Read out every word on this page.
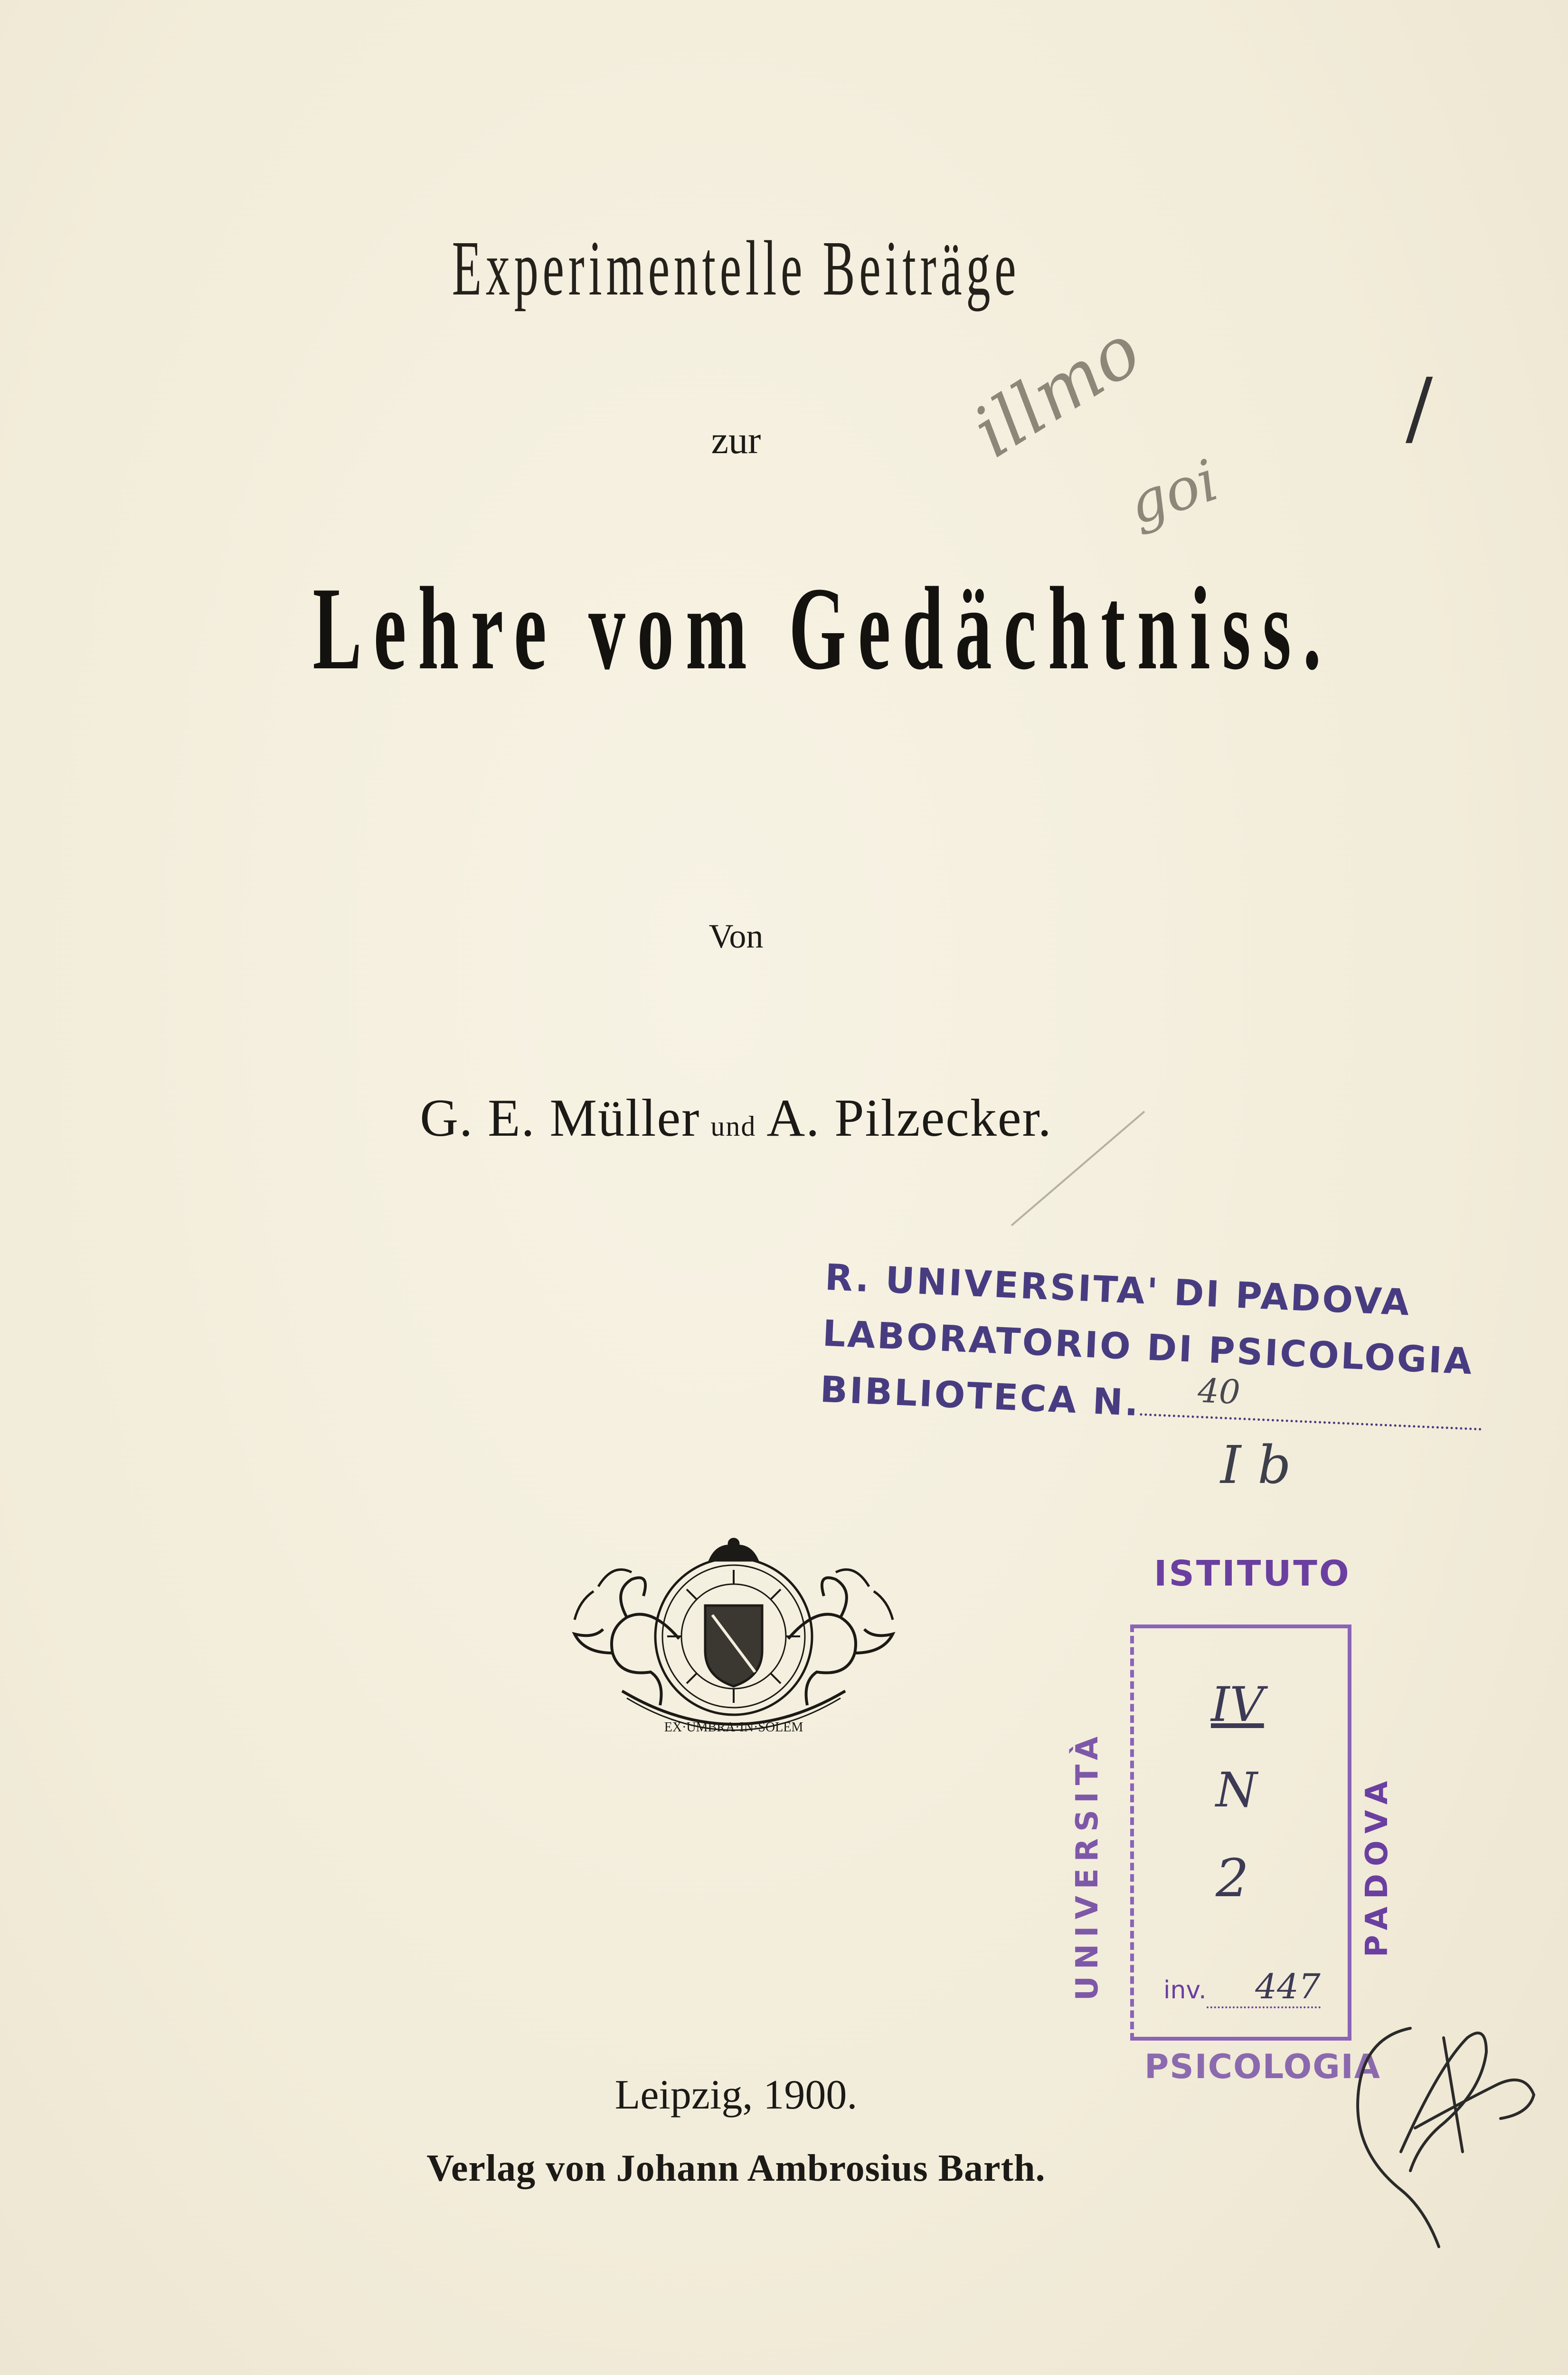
Experimentelle Beiträge
zur
Lehre vom Gedächtniss.
Von
G. E. Müller und A. Pilzecker.
R. UNIVERSITA' DI PADOVA
LABORATORIO DI PSICOLOGIA
BIBLIOTECA N. 40
I b
EX·UMBRA·IN·SOLEM
ISTITUTO
UNIVERSITÀ	PADOVA
IV
N
2
inv. 447
PSICOLOGIA
illmo
goi
/
Leipzig, 1900.
Verlag von Johann Ambrosius Barth.
